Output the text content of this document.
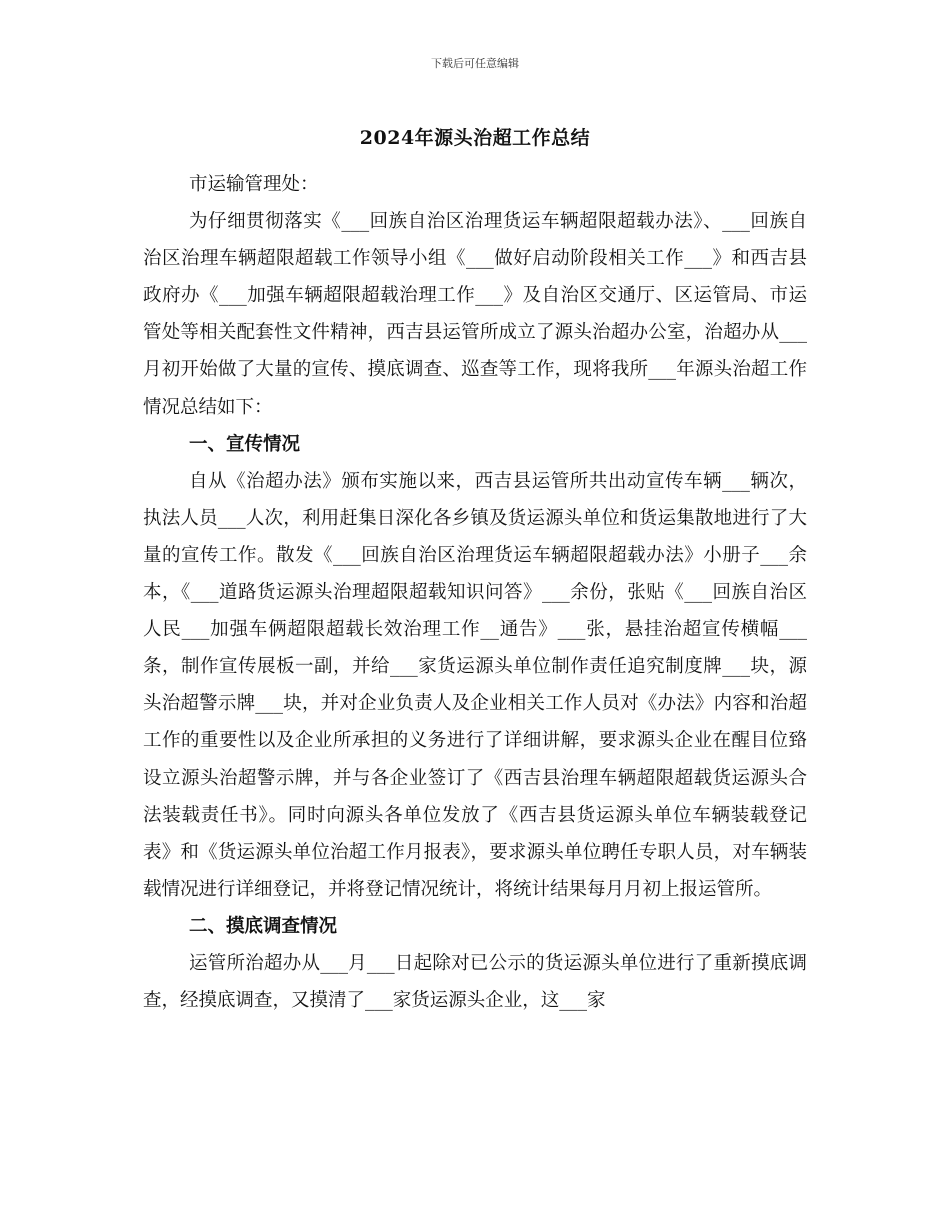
下载后可任意编辑
2024年源头治超工作总结

市运输管理处：

为仔细贯彻落实《___回族自治区治理货运车辆超限超载办法》、___回族自治区治理车辆超限超载工作领导小组《___做好启动阶段相关工作___》和西吉县政府办《___加强车辆超限超载治理工作___》及自治区交通厅、区运管局、市运管处等相关配套性文件精神，西吉县运管所成立了源头治超办公室，治超办从___月初开始做了大量的宣传、摸底调查、巡查等工作，现将我所___年源头治超工作情况总结如下：

一、宣传情况

自从《治超办法》颁布实施以来，西吉县运管所共出动宣传车辆___辆次，执法人员___人次，利用赶集日深化各乡镇及货运源头单位和货运集散地进行了大量的宣传工作。散发《___回族自治区治理货运车辆超限超载办法》小册子___余本，《___道路货运源头治理超限超载知识问答》___余份，张贴《___回族自治区人民___加强车俩超限超载长效治理工作__通告》___张，悬挂治超宣传横幅___条，制作宣传展板一副，并给___家货运源头单位制作责任追究制度牌___块，源头治超警示牌___块，并对企业负责人及企业相关工作人员对《办法》内容和治超工作的重要性以及企业所承担的义务进行了详细讲解，要求源头企业在醒目位臵设立源头治超警示牌，并与各企业签订了《西吉县治理车辆超限超载货运源头合法装载责任书》。同时向源头各单位发放了《西吉县货运源头单位车辆装载登记表》和《货运源头单位治超工作月报表》，要求源头单位聘任专职人员，对车辆装载情况进行详细登记，并将登记情况统计，将统计结果每月月初上报运管所。

二、摸底调查情况

运管所治超办从___月___日起除对已公示的货运源头单位进行了重新摸底调查，经摸底调查，又摸清了___家货运源头企业，这___家
